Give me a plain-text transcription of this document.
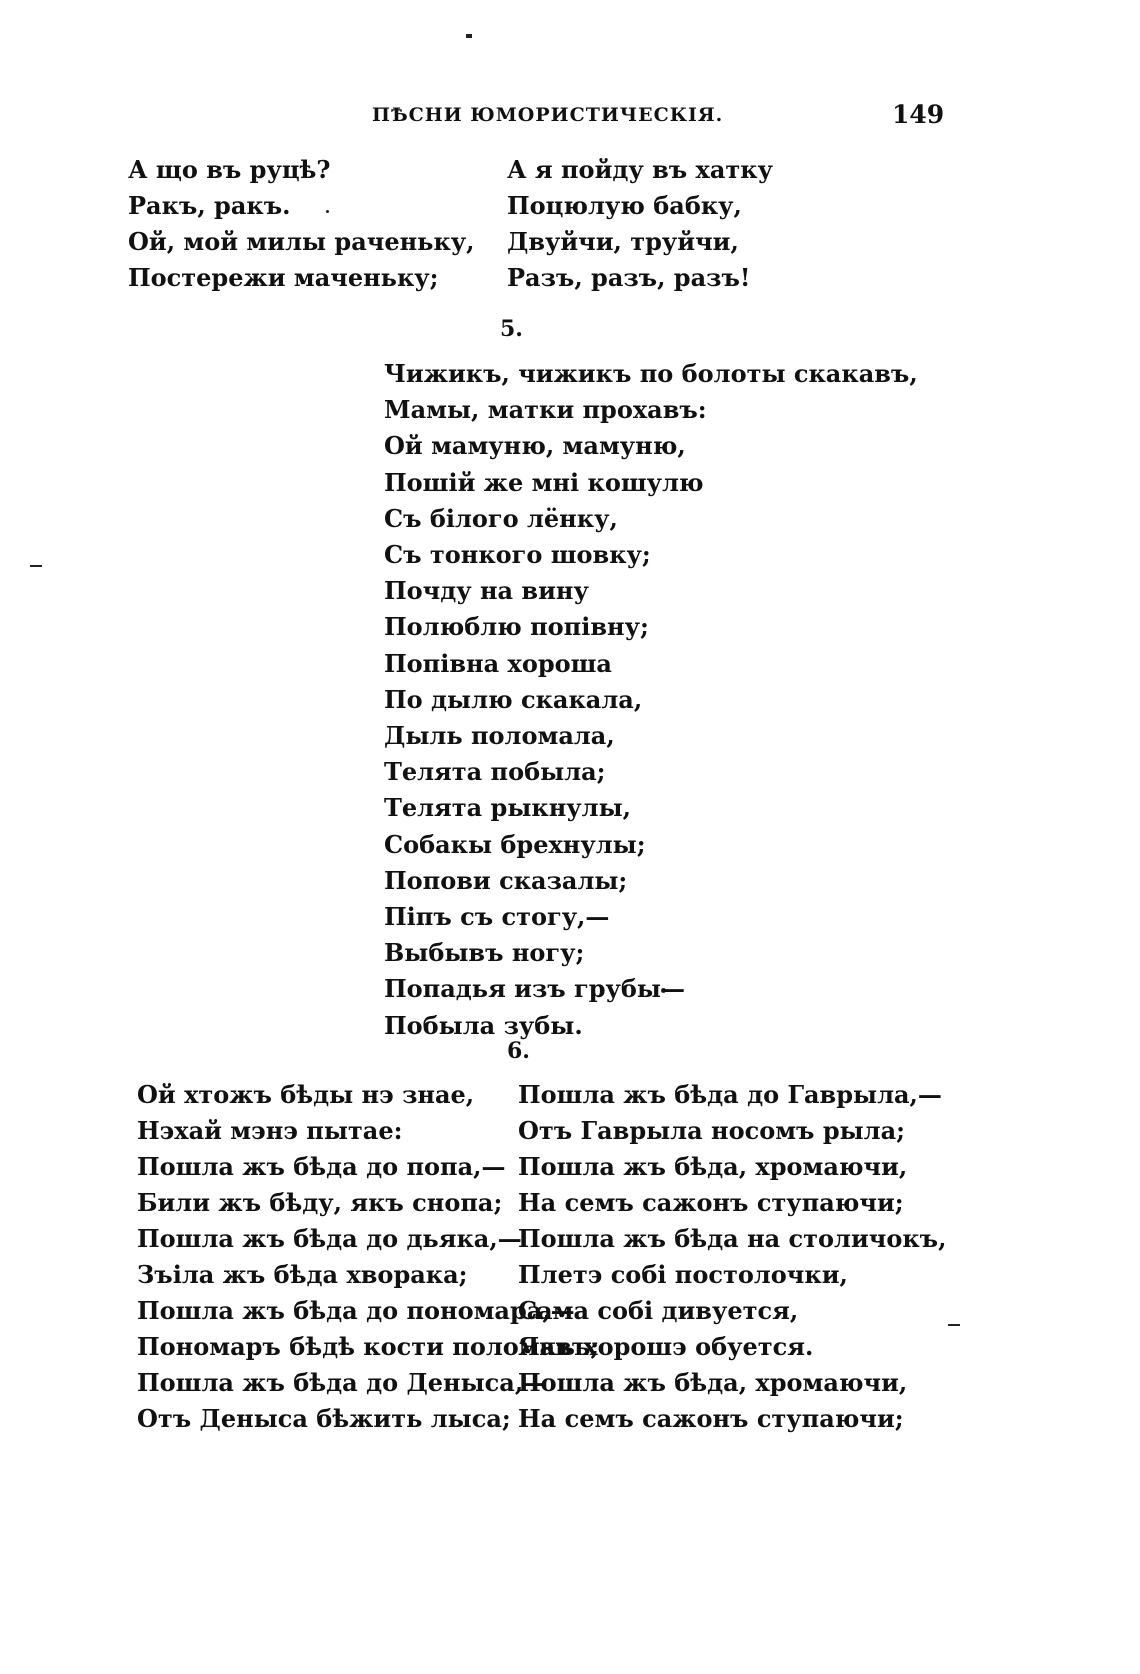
ПѢСНИ ЮМОРИСТИЧЕСКІЯ.	149
А що въ руцѣ?
Ракъ, ракъ.
Ой, мой милы раченьку,
Постережи маченьку;
А я пойду въ хатку
Поцюлую бабку,
Двуйчи, труйчи,
Разъ, разъ, разъ!
5.
Чижикъ, чижикъ по болоты скакавъ,
Мамы, матки прохавъ:
Ой мамуню, мамуню,
Пошій же мні кошулю
Съ білого лёнку,
Съ тонкого шовку;
Почду на вину
Полюблю попівну;
Попівна хороша
По дылю скакала,
Дыль поломала,
Телята побыла;
Телята рыкнулы,
Собакы брехнулы;
Попови сказалы;
Піпъ съ стогу,—
Выбывъ ногу;
Попадья изъ грубы—
Побыла зубы.
6.
Ой хтожъ бѣды нэ знае,
Нэхай мэнэ пытае:
Пошла жъ бѣда до попа,—
Били жъ бѣду, якъ снопа;
Пошла жъ бѣда до дьяка,—
Зъіла жъ бѣда хворака;
Пошла жъ бѣда до пономара,—
Пономаръ бѣдѣ кости поломавъ;
Пошла жъ бѣда до Деныса,—
Отъ Деныса бѣжить лыса;
Пошла жъ бѣда до Гаврыла,—
Отъ Гаврыла носомъ рыла;
Пошла жъ бѣда, хромаючи,
На семъ сажонъ ступаючи;
Пошла жъ бѣда на столичокъ,
Плетэ собі постолочки,
Сама собі дивуется,
Якъ хорошэ обуется.
Пошла жъ бѣда, хромаючи,
На семъ сажонъ ступаючи;
